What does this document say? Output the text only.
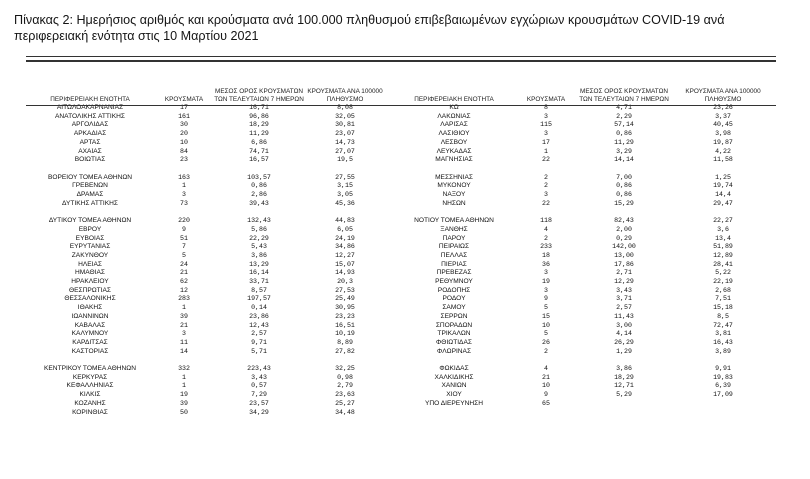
Πίνακας 2: Ημερήσιος αριθμός και κρούσματα ανά 100.000 πληθυσμού επιβεβαιωμένων εγχώριων κρουσμάτων COVID-19 ανά περιφερειακή ενότητα στις 10 Μαρτίου 2021
ΠΕΡΙΦΕΡΕΙΑΚΗ ΕΝΟΤΗΤΑ	ΚΡΟΥΣΜΑΤΑ	ΜΕΣΟΣ ΟΡΟΣ ΚΡΟΥΣΜΑΤΩΝ ΤΩΝ ΤΕΛΕΥΤΑΙΩΝ 7 ΗΜΕΡΩΝ	ΚΡΟΥΣΜΑΤΑ ΑΝΑ 100000 ΠΛΗΘΥΣΜΟ		ΠΕΡΙΦΕΡΕΙΑΚΗ ΕΝΟΤΗΤΑ	ΚΡΟΥΣΜΑΤΑ	ΜΕΣΟΣ ΟΡΟΣ ΚΡΟΥΣΜΑΤΩΝ ΤΩΝ ΤΕΛΕΥΤΑΙΩΝ 7 ΗΜΕΡΩΝ	ΚΡΟΥΣΜΑΤΑ ΑΝΑ 100000 ΠΛΗΘΥΣΜΟ
ΑΙΤΩΛΟΑΚΑΡΝΑΝΙΑΣ	17	16,71	8,08		ΚΩ	8	4,71	23,26
ΑΝΑΤΟΛΙΚΗΣ ΑΤΤΙΚΗΣ	161	96,86	32,05		ΛΑΚΩΝΙΑΣ	3	2,29	3,37
ΑΡΓΟΛΙΔΑΣ	30	18,29	30,81		ΛΑΡΙΣΑΣ	115	57,14	40,45
ΑΡΚΑΔΙΑΣ	20	11,29	23,07		ΛΑΣΙΘΙΟΥ	3	0,86	3,98
ΑΡΤΑΣ	10	6,86	14,73		ΛΕΣΒΟΥ	17	11,29	19,87
ΑΧΑΪΑΣ	84	74,71	27,07		ΛΕΥΚΑΔΑΣ	1	3,29	4,22
ΒΟΙΩΤΙΑΣ	23	16,57	19,5		ΜΑΓΝΗΣΙΑΣ	22	14,14	11,58

ΒΟΡΕΙΟΥ ΤΟΜΕΑ ΑΘΗΝΩΝ	163	103,57	27,55		ΜΕΣΣΗΝΙΑΣ	2	7,00	1,25
ΓΡΕΒΕΝΩΝ	1	0,86	3,15		ΜΥΚΟΝΟΥ	2	0,86	19,74
ΔΡΑΜΑΣ	3	2,86	3,05		ΝΑΞΟΥ	3	0,86	14,4
ΔΥΤΙΚΗΣ ΑΤΤΙΚΗΣ	73	39,43	45,36		ΝΗΣΩΝ	22	15,29	29,47

ΔΥΤΙΚΟΥ ΤΟΜΕΑ ΑΘΗΝΩΝ	220	132,43	44,83		ΝΟΤΙΟΥ ΤΟΜΕΑ ΑΘΗΝΩΝ	118	82,43	22,27
ΕΒΡΟΥ	9	5,86	6,05		ΞΑΝΘΗΣ	4	2,00	3,6
ΕΥΒΟΙΑΣ	51	22,29	24,19		ΠΑΡΟΥ	2	0,29	13,4
ΕΥΡΥΤΑΝΙΑΣ	7	5,43	34,86		ΠΕΙΡΑΙΩΣ	233	142,00	51,89
ΖΑΚΥΝΘΟΥ	5	3,86	12,27		ΠΕΛΛΑΣ	18	13,00	12,89
ΗΛΕΙΑΣ	24	13,29	15,07		ΠΙΕΡΙΑΣ	36	17,86	28,41
ΗΜΑΘΙΑΣ	21	16,14	14,93		ΠΡΕΒΕΖΑΣ	3	2,71	5,22
ΗΡΑΚΛΕΙΟΥ	62	33,71	20,3		ΡΕΘΥΜΝΟΥ	19	12,29	22,19
ΘΕΣΠΡΩΤΙΑΣ	12	8,57	27,53		ΡΟΔΟΠΗΣ	3	3,43	2,68
ΘΕΣΣΑΛΟΝΙΚΗΣ	283	197,57	25,49		ΡΟΔΟΥ	9	3,71	7,51
ΙΘΑΚΗΣ	1	0,14	30,95		ΣΑΜΟΥ	5	2,57	15,18
ΙΩΑΝΝΙΝΩΝ	39	23,86	23,23		ΣΕΡΡΩΝ	15	11,43	8,5
ΚΑΒΑΛΑΣ	21	12,43	16,51		ΣΠΟΡΑΔΩΝ	10	3,00	72,47
ΚΑΛΥΜΝΟΥ	3	2,57	10,19		ΤΡΙΚΑΛΩΝ	5	4,14	3,81
ΚΑΡΔΙΤΣΑΣ	11	9,71	8,89		ΦΘΙΩΤΙΔΑΣ	26	26,29	16,43
ΚΑΣΤΟΡΙΑΣ	14	5,71	27,82		ΦΛΩΡΙΝΑΣ	2	1,29	3,89

ΚΕΝΤΡΙΚΟΥ ΤΟΜΕΑ ΑΘΗΝΩΝ	332	223,43	32,25		ΦΩΚΙΔΑΣ	4	3,86	9,91
ΚΕΡΚΥΡΑΣ	1	3,43	0,98		ΧΑΛΚΙΔΙΚΗΣ	21	18,29	19,83
ΚΕΦΑΛΛΗΝΙΑΣ	1	0,57	2,79		ΧΑΝΙΩΝ	10	12,71	6,39
ΚΙΛΚΙΣ	19	7,29	23,63		ΧΙΟΥ	9	5,29	17,09
ΚΟΖΑΝΗΣ	39	23,57	25,27		ΥΠΟ ΔΙΕΡΕΥΝΗΣΗ	65		
ΚΟΡΙΝΘΙΑΣ	50	34,29	34,48					
